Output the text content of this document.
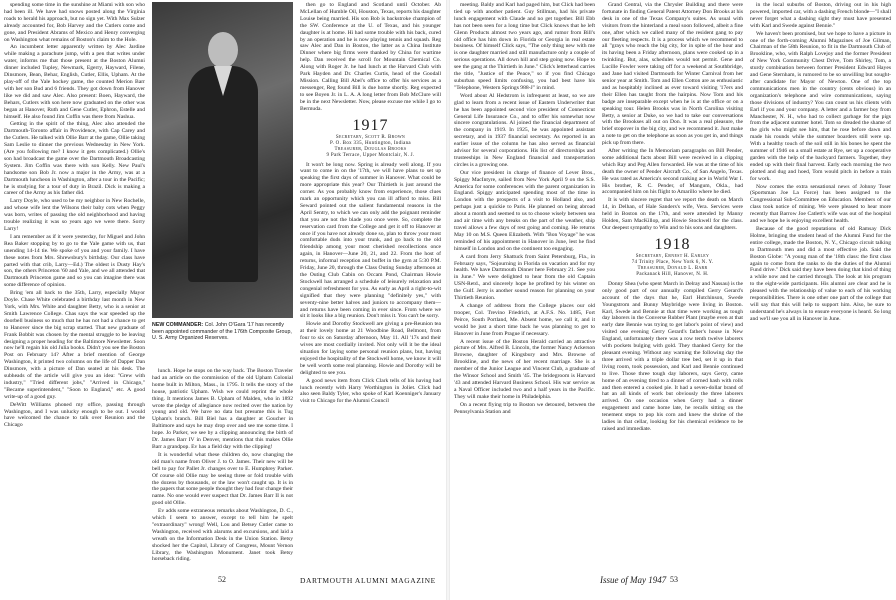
spending some time in the sunshine at Miami with son who had been ill. We have had snows posted along the Virginia roads to herald his approach, but no sign yet. With Max Sulzer already accounted for, Bob Harvey and the Cutlers come and gone, and President Abrams of Mexico and Henry converging on Washington what remains of Boston's claim to the Hole.

An incumbent letter apparently written by Alec Jardine while making a parachute jump, with a pen that writes under water, informs me that those present at the Boston Alumni dinner included Tupley, Newmark, Egerry, Hayward, Filene, Dinsmore, Bean, Behar, English, Cutler, Ellis, Upham. At the play-off of the Yale hockey game, the counted Merion Barr with her son Bud and 6 friends. They got down from Hanover like we did and saw Alec. Also present: Boen, Hayward, the Behars, Cutlers with son here now graduated on the other was began at Hanover, Ruth and Gene Cutler, Ephron, Estelle and himself. He also found Jim Coffin was there from Nashua.

Getting in the spirit of the thing, Alec also attended the Dartmouth-Toronto affair in Providence, with Cap Carey and the Cutlers. He talked with Ollie Barr at the game, Ollie taking Sam Leslie to dinner the previous Wednesday in New York. (Are you following me? I know it gets complicated.) Ollie's son had broadcast the game over the Dartmouth Broadcasting System. Jim Coffin was there with son Kelly. New Paul's handsome son Bob Jr. now a major in the Army, was at a Dartmouth luncheon in Washington, after a tour in the Pacific; he is studying for a tour of duty in Brazil. Dick is making a career of the Army as his father did.

Larry Doyle, who used to be my neighbor in New Rochelle, and whose wife lent the Wilsons their baby cots when Peggy was born, writes of passing the old neighborhood and having trouble realizing it was so years ago we were there. Sorry Larry!

I am remember as if it were yesterday, for Miguel and John Rea Baker stopping by to go to the Yale game with us, that unending 14-14 tie. We spoke of you and your family. I have these notes from Mrs. Shrewsbury's birthday. Our class have parted with that crib, Larry—Ed.) The oldest is Dusty Hay's son, the others Princeton '60 and Yale, and we all attended that Dartmouth Princeton game and so you can imagine there was some difference of opinion.

Bring 'em all back to the 35th, Larry, especially Mayor Doyle. Chase White celebrated a birthday last month in New York, with Mrs. White and daughter Betty, who is a senior at Smith Lawrence College. Chas says the war speeded up the doorbell business so much that he has not had a chance to get to Hanover since the big scrap started. That new graduate of Frank Bobbit was chosen by the mental struggle to be leaving designing a proper heading for the Baltimore Newsletter. Soon now he'll regain his old Julia books. Didn't you see the Boston Post on February 14? After a brief mention of George Washington, it printed two columns on the life of Dapper Dan Dinsmore, with a picture of Dan seated at his desk. The subheads of the article will give you an idea: "Grew with industry," "Tried different jobs," "Arrived in Chicago," "Became superintendent," "Soon to England," etc. A good write-up of a good guy.

DeWitt Williams phoned my office, passing through Washington, and I was unlucky enough to be out. I would have welcomed the chance to talk over Reunion and the Chicago

NEW COMMANDER: Col. John O'Gara '17 has recently been appointed commander of the 176th Composite Group, U. S. Army Organized Reserves.

lunch. Hope he stops on the way back. The Boston Traveler had an article on the commission of the old Upham Colonial home built in Milton, Mass., in 1795. It tells the story of the house, patriotic Upham. Wish we could reprint the whole thing. It mentions James B. Upham of Malden, who in 1892 wrote the pledge of allegiance now recited over the nation by young and old. We have no data but presume this is Tug Upham's branch. Bill Biel has a daughter at Goucher in Baltimore and says he may drop over and see me some time. I hope. Jo Parker, we see by a clipping announcing the birth of Dr. James Barr IV in Denver, mentions that this makes Ollie Barr a grandpop. Ev has a field day with the clipping!

It is wonderful what these children do, now changing the old man's name from Oliver J. to O. James. Their new will be bell to pay for Pallet Jr. changes over to E. Humphrey Parker. Of course old Ollie may be seeing three or fold trouble with the dozens by thousands, or the law won't caught up. It is in the papers that some people thought they had four change their name. No one would ever suspect that Dr. James Barr II is not good old Ollie.

Ev adds some extraneous remarks about Washington, D. C., which I seem to answer, except to tell him he spelt "extraordinary" wrong! Well, Lou and Betsey Cutler came to Washington, received with alarums and excursions, and laid a wreath on the Information Desk in the Union Station. Betsy shocked her the Capitol, Library of Congress, Mount Vernon Library, the Washington Monument. Janet took Betsy horseback riding.

then go to England and Scotland until October. Ab McLellan of Humble Oil, Houston, Texas, reports his daughter Louise being married. His son Bob is backstroke champion of the SW. Conference at the U. of Texas, and his younger daughter is at home. Hi had some trouble with his back, cured by an operation and he is now playing tennis and squash. Reg saw Alec and Dan in Boston, the latter as a China Institute Dinner where big firms were thanked by China for wartime help. Dan received the scroll for Mountain Chemical Co. Along with Roger Jr. he had lunch at the Harvard Club with Park Hayden and Dr. Charles Curtis, head of the Goodall Mission. Calling Bill Abel's office to offer his services as a messenger, Reg found Bill is due home shortly. Reg expected to see Boyen Jr. in L. A. A long letter from Bob McClure will be in the next Newsletter. Now, please excuse me while I go to Bermuda.

1917
Secretary, Scott R. Brown
P. O. Box 335, Huntington, Indiana
Treasurer, Douglas Brooks
9 Park Terrace, Upper Montclair, N. J.

It won't be long now. Spring is already well along. If you want to come in on the '17th, we will have plans to set up speaking the first days of summer in Hanover. What could be more appropriate this year? Our Thirtieth is just around the corner. As you probably know from experience, those clues mark an opportunity which you can ill afford to miss. Bill Seward pointed out the salient fundamental reasons in the April Sentry, to which we can only add the poignant reminder that you are not the blade you once were. So, complete the reservation card from the College and get it off to Hanover at once if you have not already done so, plan to throw your most comfortable duds into your trunk, and go back to the old friendship among your most cherished recollections once again, in Hanover—June 20, 21, and 22. From the host of returns, informal reception and buffet in the gym at 5:30 P.M. Friday, June 20, through the Class Outing Sunday afternoon at the Outing Club Cabin on Occam Pond, Chairman Howie Stockwell has arranged a schedule of leisurely relaxation and congenial refreshment for you. As early as April a right-to-wit signified that they were planning "definitely yes," with seventy-nine better halves and juniors to accompany them—and returns have been coming in ever since. From where we sit it looks like a big reunion. Don't miss it. You can't be sorry.

Howie and Dorothy Stockwell are giving a pre-Reunion tea at their lovely home at 21 Woodbine Road, Belmont, from four to six on Saturday afternoon, May 11. All '17s and their wives are most cordially invited. Not only will it be the ideal situation for laying some personal reunion plans, but, having enjoyed the hospitality of the Stockwell home, we know it will be well worth some real planning. Howie and Dorothy will be delighted to see you.

A good news item from Click Clark tells of his having had lunch recently with Harry Worthington in Joliet. Click had also seen Baldy Tyler, who spoke of Karl Koenniger's January visit to Chicago for the Alumni Council

52	DARTMOUTH ALUMNI MAGAZINE

meeting. Baldy and Karl had paged him, but Click had been tied up with another patient. Guy Stillman, had his private lunch engagement with Claude and no get together. Bill Ebb has not been seen for a long time but Click knows that he left Glenn Products almost two years ago, and rumor from Bill's old office has him down in Florida or Georgia in real estate business. Of himself Click says, "The only thing new with me is one daughter married and still manufacture only a couple of serious operations. All down hill and step going now. Hope to see the gang at the Thirtieth in June." Click's letterhead carries the title, "Justice of the Peace," so if you find Chicago suburban speed limits confusing, you had best have his "Telephone, Western Springs 988-J" in mind.

Word about Al Hedstrom is infrequent at least, so we are glad to learn from a recent issue of Eastern Underwriter that he has been appointed second vice president of Connecticut General Life Insurance Co., and to offer his somewhat now sincere congratulations. Al joined the financial department of the company in 1919. In 1925, he was appointed assistant secretary, and in 1937 financial secretary. As reported in an earlier issue of the column he has also served as financial advisor for several corporations. His list of directorships and trusteeships in New England financial and transportation circles is a growing one.

Our vice president in charge of finance of Lever Bros., Spiggy MacIntyre, sailed from New York April 9 on the S.S. America for some conferences with the parent organization in England. Spiggy anticipated spending most of the time in London with the prospects of a visit to Holland also, and perhaps just a quickie to Paris. He planned on being abroad about a month and seemed to us to choose wisely between sea and air time with any breaks on the part of the weather, ship travel allows a few days of rest going and coming. He returns May 10 on M.S. Queen Elizabeth. With "Bon Voyage" he was reminded of his appointment in Hanover in June, lest he find himself in London and on the continent too engaging.

A card from Jerry Shattuck from Saint Petersburg, Fla., in February says, "Sojourning in Florida on vacation and for my health. We have Dartmouth Dinner here February 21. See you in June." We were delighted to hear from the old Captain USN-Retd., and sincerely hope he profited by his winter on the Gulf. Jerry is another sound reason for planning on your Thirtieth Reunion.

A change of address from the College places our old trooper, Col. Trevino Friedrich, at A.F.S. No. 1485, Fort Peirce, South Portland, Me. Absent home, we call it, and it would be just a short time back he was planning to get to Hanover in June from Prague if necessary.

A recent issue of the Boston Herald carried an attractive picture of Mrs. Alfred B. Lincoln, the former Nancy Ackerson Browne, daughter of Kingsbury and Mrs. Browne of Brookline, and the news of her recent marriage. She is a member of the Junior League and Vincent Club, a graduate of the Winsor School and Smith '45. The bridegroom is Harvard '43 and attended Harvard Business School. His war service as a Naval Officer included two and a half years in the Pacific. They will make their home in Philadelphia.

On a recent flying trip to Boston we detoured, between the Pennsylvania Station and

Grand Central, via the Chrysler Building and there were fortunate in finding General Patent Attorney Don Brooks at his desk in one of the Texas Company's suites. As usual with visitors from the hinterland a meal soon followed, albeit a fine one, after which we called many of the resident gang to pay our fleeting respects. It is a process which we recommend to all "grays who reach the big city, for in spite of the hour and its having been a Friday afternoon, plans were cooked up in a twinkling. But, alas, schedules would not permit. Gene and Lucille Fowler were taking off for a weekend at Southbridge, and Jane had visited Dartmouth for Winter Carnival from her senior year at Smith. Tom and Ellen Cotton are as enthusiastic and as hospitably inclined as ever toward visiting '17ers and their Ellen has taught from the hairpins. Now Tom and his badge are inseparable except when he is at the office or on a speaking tour. Helen Brooks was in North Carolina visiting Betty, a senior at Duke, so we had to take our conversations with the Brookses all out on Don. It was a real pleasure, the brief stopover in the big city, and we recommend it. Just make a note to get on the telephone as soon as you get in, and things pick up from there.

After writing the In Memoriam paragraphs on Bill Pender, some additional facts about Bill were received in a clipping which Ray and Peg Allen forwarded. He was at the time of his death the owner of Pender Aircraft Co., of San Angelo, Texas. He was rated as America's second ranking ace in World War I. His brother, R. C. Pender, of Mangum, Okla., had accompanied him on his flight to Amarillo where he died.

It is with sincere regret that we report the death on March 14, in Delhan, of Hale Sanders's wife, Vera. Services were held in Boston on the 17th, and were attended by Manny Holden, Sam MacKillop, and Howie Stockwell for the class. Our deepest sympathy to Win and to his sons and daughters.

1918
Secretary, Ernest H. Earley
74 Trinity Place, New York 6, N. Y.
Treasurer, Donald L. Barr
Packanack Hill, Hanover, N. H.

Donny Shea (who spent March in Delray and Nassau) is the only good part of our annually compiled Gerry Gerard's account of the days that he, Earl Hutchinson, Swede Youngstrom and Bunny Maybridge were living in Boston. Karl, Swede and Bennie at that time were working as tough day laborers in the Converse Rubber Plant (maybe even at that early date Bennie was trying to get labor's point of view) and visited one evening Gerry Gerard's father's house in New England, unfortunately there was a row tenth twelve laborers with pockets bulging with gold. They thanked Gerry for the pleasant evening. Without any warning the following day the three arrived with a triple dollar tree bed, set it up in that living room, took possession, and Karl and Bennie continued to live. Those three tough day laborers, says Gerry, came home of an evening tired to a dinner of corned hash with rolls and then entered a cooked pie. It had a seven-dollar brand of hat an all kinds of work but obviously the three laborers arrived. On one occasion when Gerry had a dinner engagement and came home late, he recalls sitting on the tenement steps to pop his corn and knew the shrine of the ladies in that cellar, looking for his chemical evidence to be raised and immediate.

in the local suburbs of Boston, driving out in his high powered, imported car, with a dashing French blonde—"I shall never forget what a dashing sight they must have presented with Karl and Swede against Bennie."

We haven't been promised, but we hope to have a picture in one of the forth-coming Alumni Magazines of Joe Gilman, Chairman of the 58th Reunion, to fit in the Dartmouth Club of Brookline, who, with Ralph Lovejoy and the former President of New York Community Chest Drive, Tom Shirley, Tom, a sturdy combination between former President Edward Hayes and Gene Sternham, is rumored to be so unwilling but sought-after candidate for Mayor of Newton. One of the top communications men in the country (cents obvious) in an organization's telephone and wire communications, saying those divisions of industry? You can count us his clients with Earl if you and your company. A letter and a farmer boy from Manchester, N. H., who had to collect garbage for the pigs from the adjacent summer hotel. Tom so dreaded the shame of the girls who might see him, that he rose before dawn and made his rounds while the summer boarders still were up. With a healthy touch of the soil still in his bones he spent the summer of 1946 on a small estate at Rye, set up a cooperative garden with the help of the backyard farmers. Together, they ended up with their final harvest. Early each morning the two plotted and dug and hoed, Tom would pitch in before a train for work.

Now comes the extra sensational news of Johnny Toser (Sportsman Joe La Force) has been assigned to the Congressional Sub-Committee on Education. Members of our class took notice of mining. We were pleased to hear more recently that Barrow Joe Catlett's wife was out of the hospital and we hope he is enjoying excellent health.

Because of the good reputations of old Ramsay Dick Holme, bringing the student head of the Alumni Fund for the entire college, made the Boston, N. Y., Chicago circuit talking to Dartmouth men and did a most effective job. Said the Boston Globe: "A young man of the '18th class: the first class again to come from the ranks to do the duties of the Alumni Fund drive." Dick said they have been doing that kind of thing a while now and he carried through. The look at his program to the eight-wide participants. His alumni are clear and he is pleased with the relationship of value to each of his working responsibilities. There is one other one part of the college that will say that this will help to support him. Also, be sure to understand he's always in to ensure everyone is heard. So long and we'll see you all in Hanover in June.

Issue of May 1947 53
